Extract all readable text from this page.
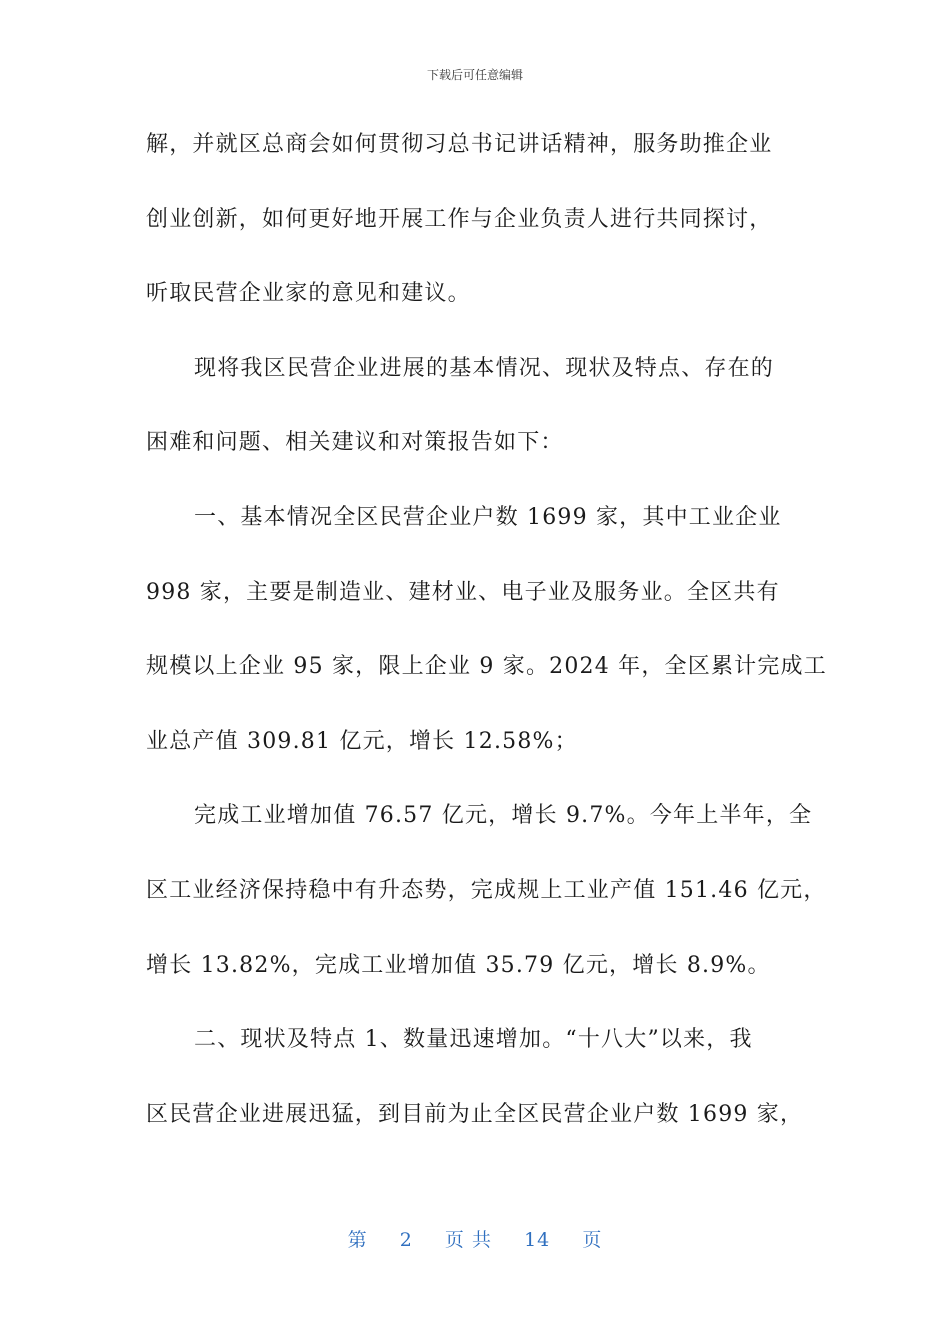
下载后可任意编辑
解，并就区总商会如何贯彻习总书记讲话精神，服务助推企业
创业创新，如何更好地开展工作与企业负责人进行共同探讨，
听取民营企业家的意见和建议。
现将我区民营企业进展的基本情况、现状及特点、存在的
困难和问题、相关建议和对策报告如下：
一、基本情况全区民营企业户数 1699 家，其中工业企业
998 家，主要是制造业、建材业、电子业及服务业。全区共有
规模以上企业 95 家，限上企业 9 家。2024 年，全区累计完成工
业总产值 309.81 亿元，增长 12.58%；
完成工业增加值 76.57 亿元，增长 9.7%。今年上半年，全
区工业经济保持稳中有升态势，完成规上工业产值 151.46 亿元，
增长 13.82%，完成工业增加值 35.79 亿元，增长 8.9%。
二、现状及特点 1、数量迅速增加。“十八大”以来，我
区民营企业进展迅猛，到目前为止全区民营企业户数 1699 家，
第 2 页 共 14 页
